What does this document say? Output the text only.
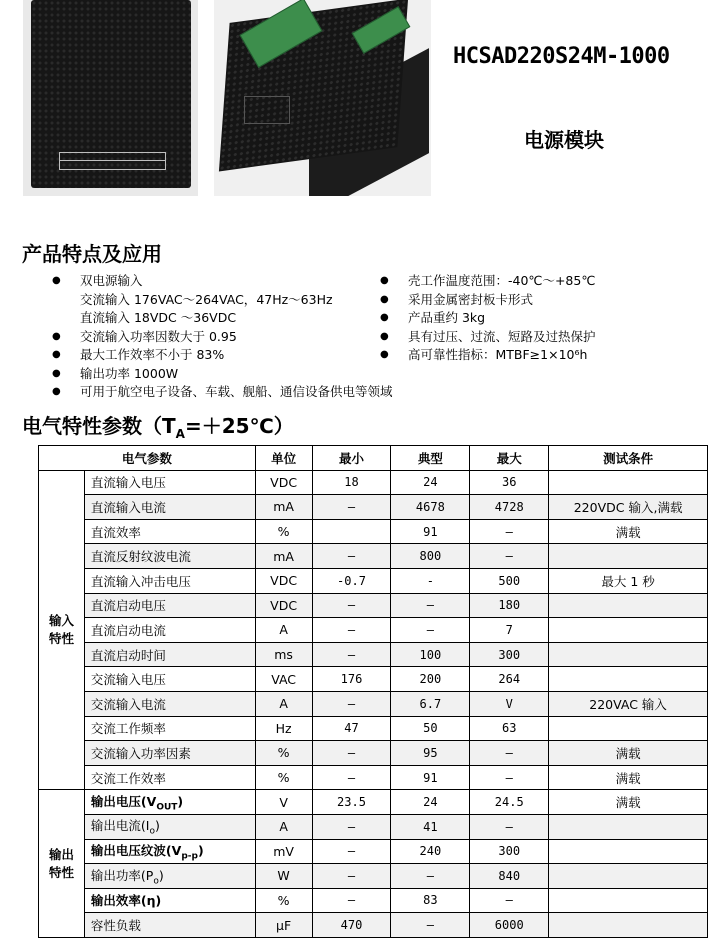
HCSAD220S24M-1000
电源模块
产品特点及应用
● 双电源输入
交流输入 176VAC～264VAC，47Hz～63Hz
直流输入 18VDC ～36VDC
● 交流输入功率因数大于 0.95
● 最大工作效率不小于 83%
● 输出功率 1000W
● 可用于航空电子设备、车载、舰船、通信设备供电等领域
● 壳工作温度范围：-40℃～+85℃
● 采用金属密封板卡形式
● 产品重约 3kg
● 具有过压、过流、短路及过热保护
● 高可靠性指标：MTBF≥1×10⁶h
电气特性参数$(T_A=+25℃)$
电气参数		单位	最小	典型	最大	测试条件
输入
特性	直流输入电压	VDC	18	24	36	
	直流输入电流	mA	—	4678	4728	220VDC 输入,满载
	直流效率	%		91	—	满载
	直流反射纹波电流	mA	—	800	—	
	直流输入冲击电压	VDC	-0.7	-	500	最大 1 秒
	直流启动电压	VDC	—	—	180	
	直流启动电流	A	—	—	7	
	直流启动时间	ms	—	100	300	
	交流输入电压	VAC	176	200	264	
	交流输入电流	A	—	6.7	V	220VAC 输入
	交流工作频率	Hz	47	50	63	
	交流输入功率因素	%	—	95	—	满载
	交流工作效率	%	—	91	—	满载
输出
特性	输出电压$(V_{OUT})$	V	23.5	24	24.5	满载
	输出电流$(I_o)$	A	—	41	—	
	输出电压纹波$(V_{p-p})$	mV	—	240	300	
	输出功率$(P_o)$	W	—	—	840	
	输出效率(η)	%	—	83	—	
	容性负载	μF	470	—	6000	
